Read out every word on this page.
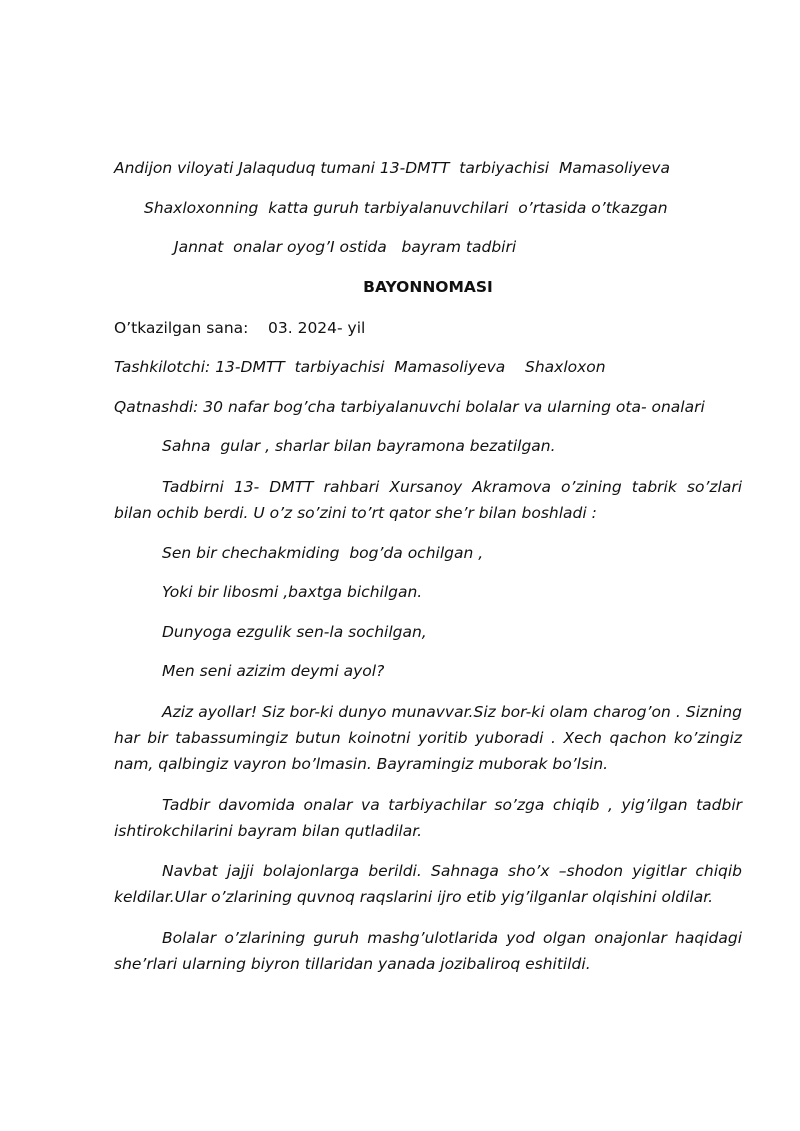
Andijon viloyati Jalaquduq tumani 13-DMTT  tarbiyachisi  Mamasoliyeva
Shaxloxonning  katta guruh tarbiyalanuvchilari  o’rtasida o’tkazgan
Jannat  onalar oyog’I ostida   bayram tadbiri
BAYONNOMASI
O’tkazilgan sana: 03. 2024- yil
Tashkilotchi: 13-DMTT  tarbiyachisi  Mamasoliyeva    Shaxloxon
Qatnashdi: 30 nafar bog’cha tarbiyalanuvchi bolalar va ularning ota- onalari
Sahna  gular , sharlar bilan bayramona bezatilgan.
Tadbirni 13- DMTT rahbari Xursanoy Akramova o’zining tabrik so’zlari bilan ochib berdi. U o’z so’zini to’rt qator she’r bilan boshladi :
Sen bir chechakmiding  bog’da ochilgan ,
Yoki bir libosmi ,baxtga bichilgan.
Dunyoga ezgulik sen-la sochilgan,
Men seni azizim deymi ayol?
Aziz ayollar! Siz bor-ki dunyo munavvar.Siz bor-ki olam charog’on . Sizning har bir tabassumingiz butun koinotni yoritib yuboradi . Xech qachon ko’zingiz nam, qalbingiz vayron bo’lmasin. Bayramingiz muborak bo’lsin.
Tadbir davomida onalar va tarbiyachilar so’zga chiqib , yig’ilgan tadbir ishtirokchilarini bayram bilan qutladilar.
Navbat jajji bolajonlarga berildi. Sahnaga sho’x –shodon yigitlar chiqib keldilar.Ular o’zlarining quvnoq raqslarini ijro etib yig’ilganlar olqishini oldilar.
Bolalar o’zlarining guruh mashg’ulotlarida yod olgan onajonlar haqidagi she’rlari ularning biyron tillaridan yanada jozibaliroq eshitildi.
